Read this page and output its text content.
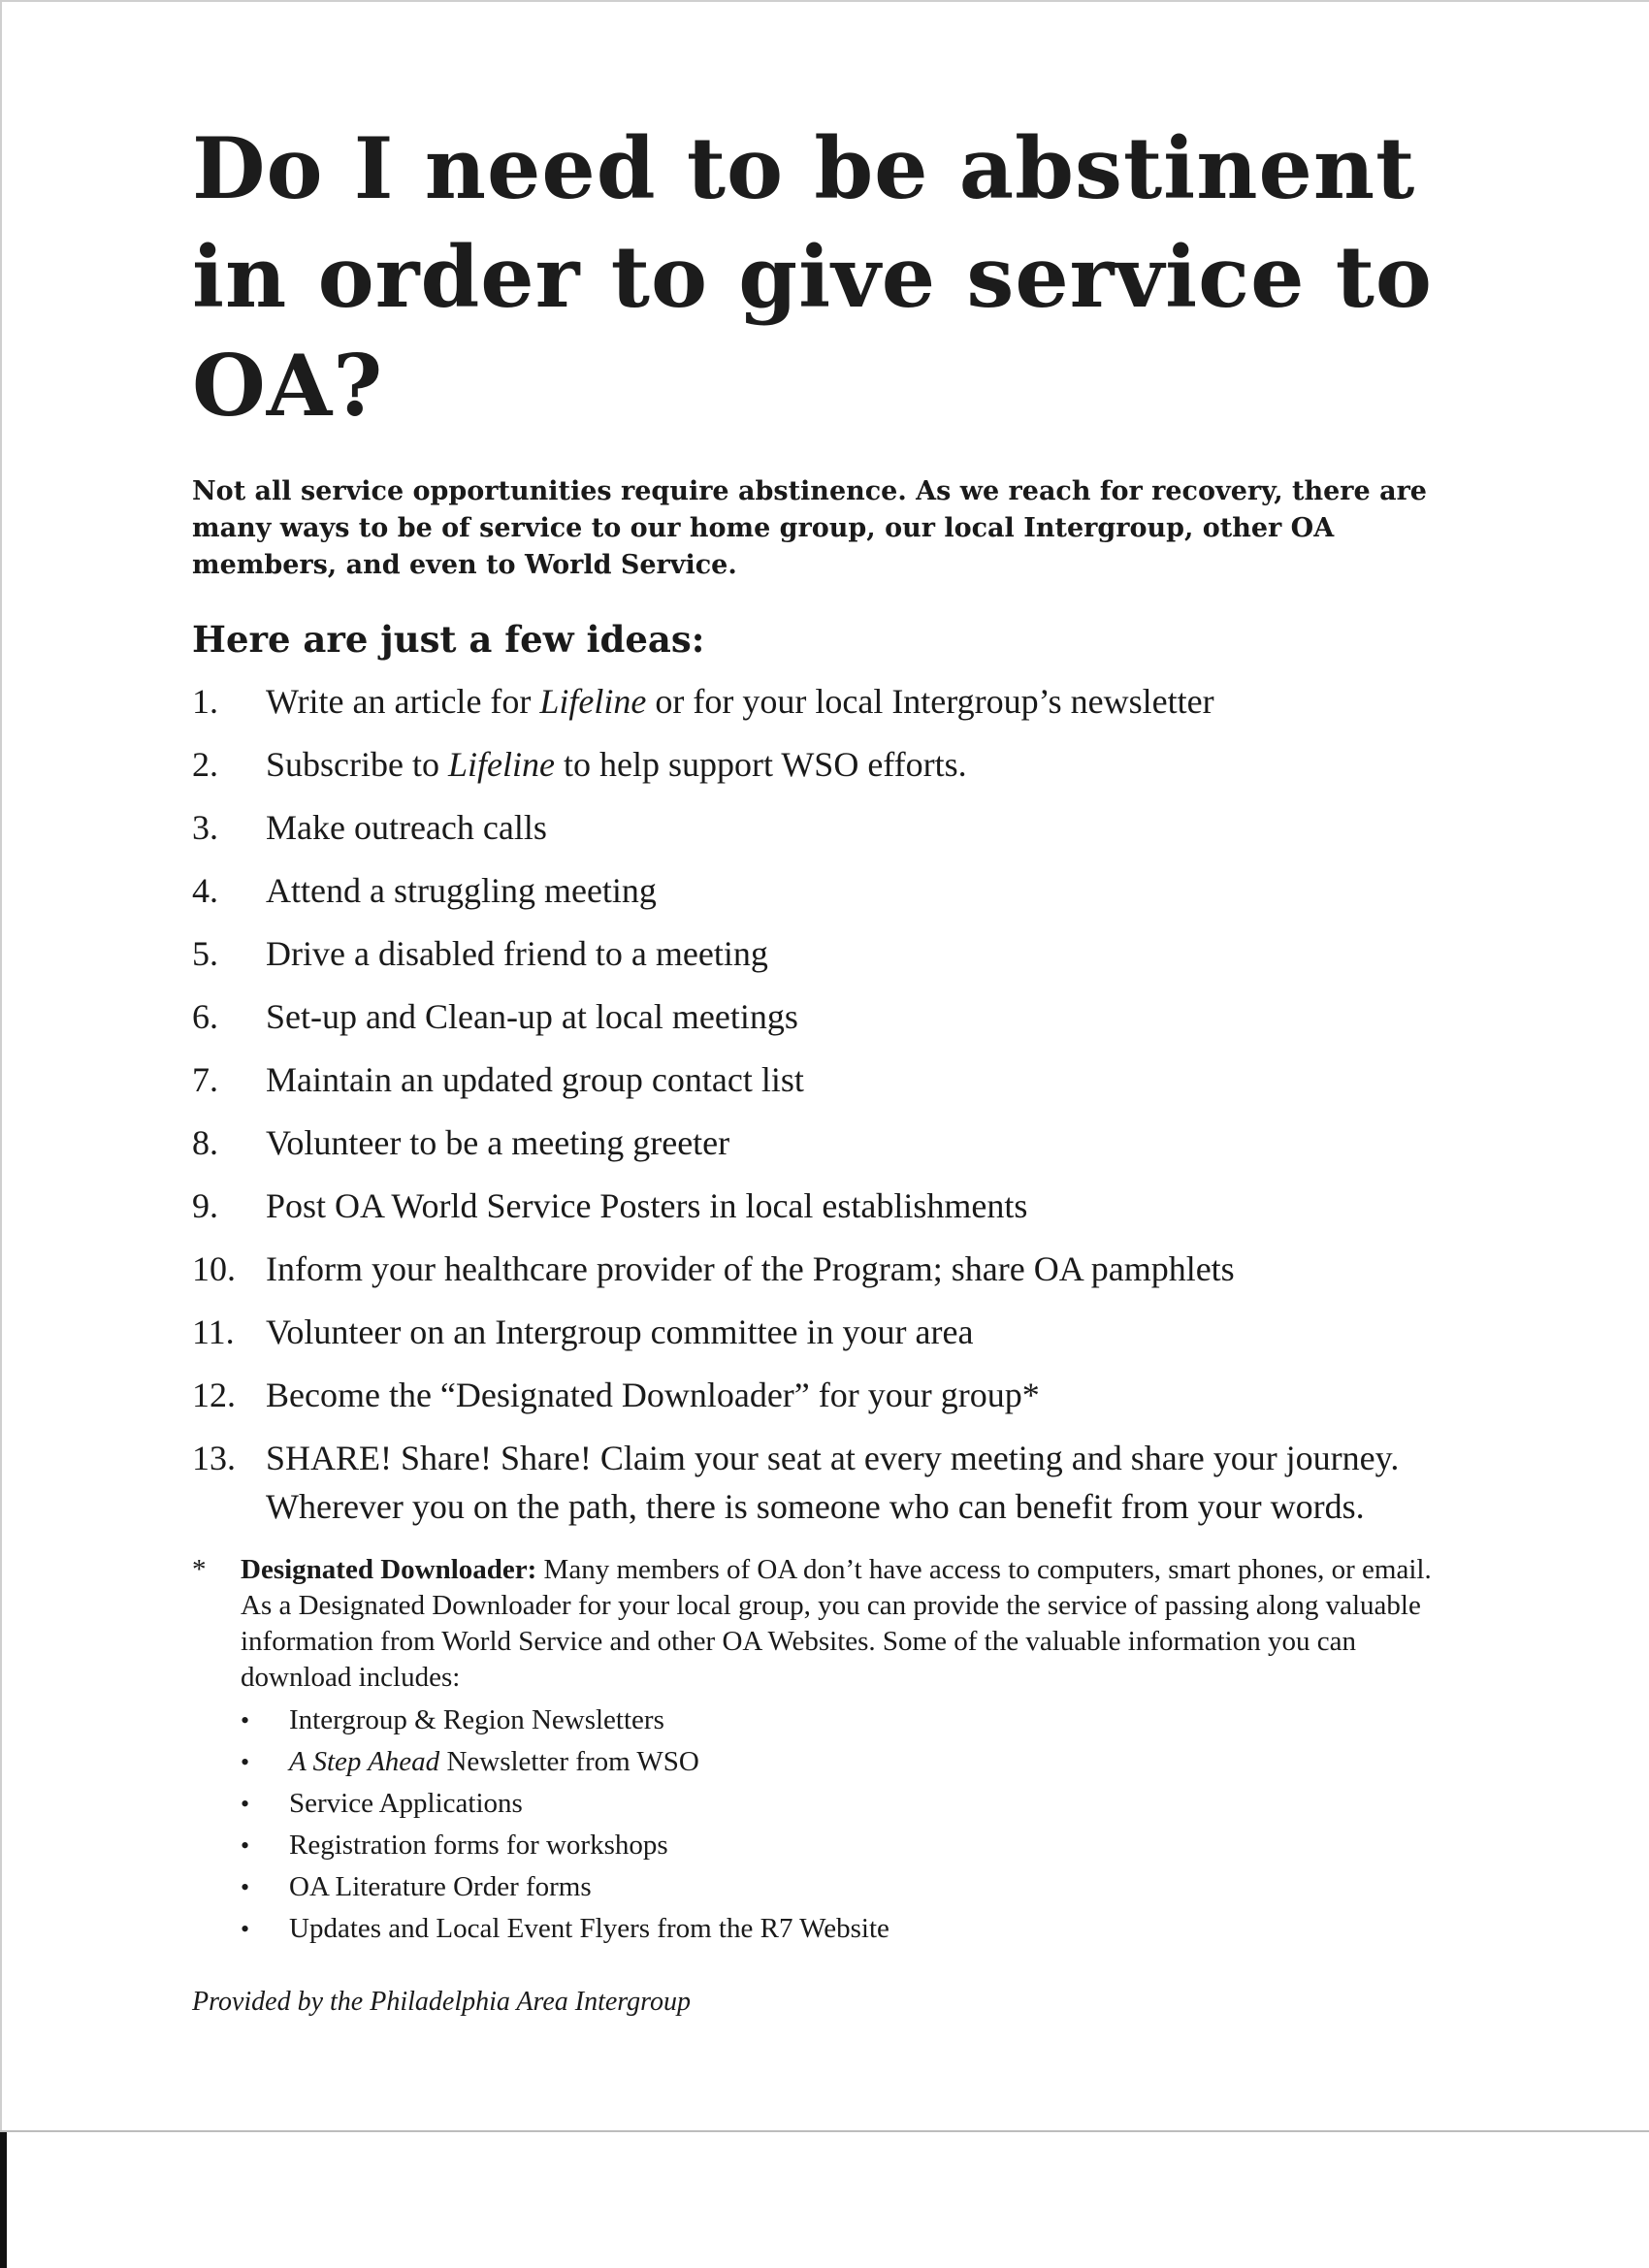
Do I need to be abstinent in order to give service to OA?

Not all service opportunities require abstinence. As we reach for recovery, there are many ways to be of service to our home group, our local Intergroup, other OA members, and even to World Service.

Here are just a few ideas:
1.	Write an article for Lifeline or for your local Intergroup’s newsletter
2.	Subscribe to Lifeline to help support WSO efforts.
3.	Make outreach calls
4.	Attend a struggling meeting
5.	Drive a disabled friend to a meeting
6.	Set-up and Clean-up at local meetings
7.	Maintain an updated group contact list
8.	Volunteer to be a meeting greeter
9.	Post OA World Service Posters in local establishments
10. Inform your healthcare provider of the Program; share OA pamphlets
11. Volunteer on an Intergroup committee in your area
12. Become the “Designated Downloader” for your group*
13. SHARE! Share! Share! Claim your seat at every meeting and share your journey. Wherever you on the path, there is someone who can benefit from your words.
*	Designated Downloader: Many members of OA don’t have access to computers, smart phones, or email. As a Designated Downloader for your local group, you can provide the service of passing along valuable information from World Service and other OA Websites. Some of the valuable information you can download includes:
•	Intergroup & Region Newsletters
•	A Step Ahead Newsletter from WSO
•	Service Applications
•	Registration forms for workshops
•	OA Literature Order forms
•	Updates and Local Event Flyers from the R7 Website
Provided by the Philadelphia Area Intergroup
